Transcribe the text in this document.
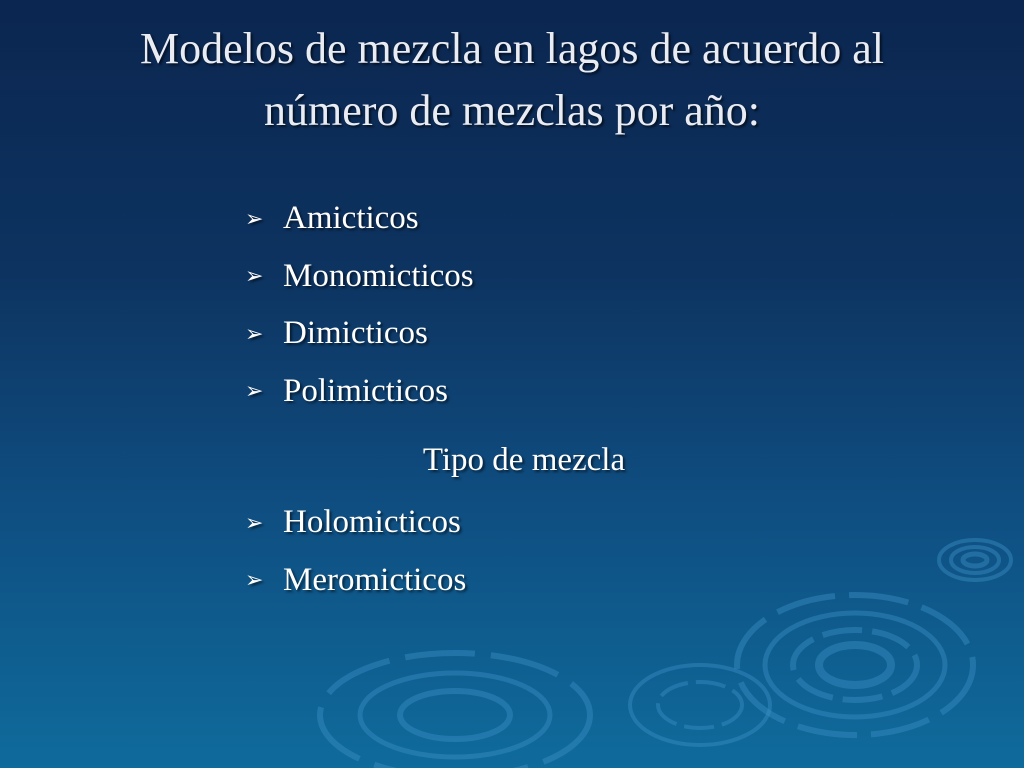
Modelos de mezcla en lagos de acuerdo al
número de mezclas por año:
➢ Amicticos
➢ Monomicticos
➢ Dimicticos
➢ Polimicticos
Tipo de mezcla
➢ Holomicticos
➢ Meromicticos
